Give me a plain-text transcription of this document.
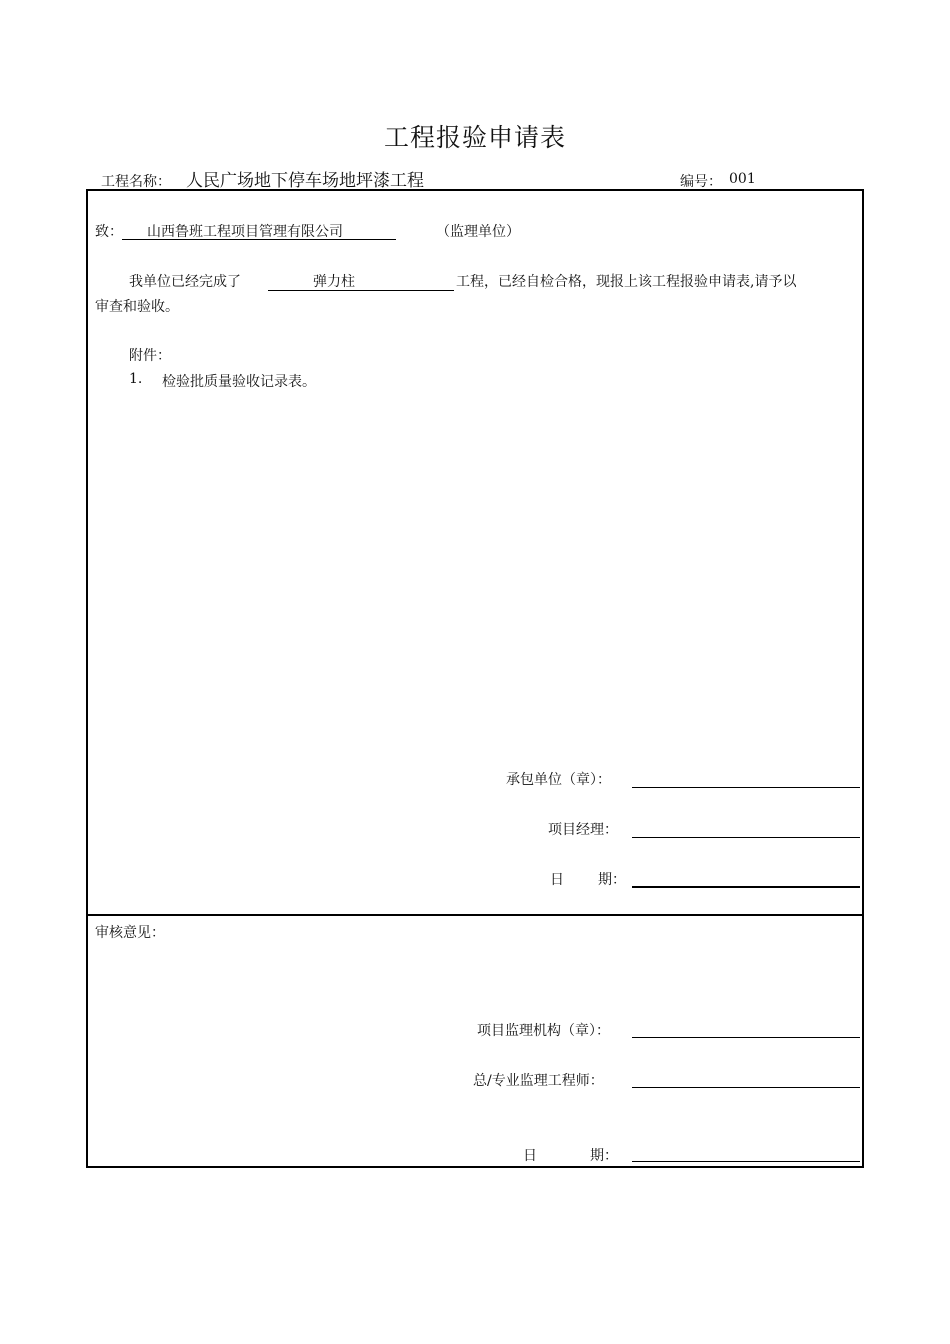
工程报验申请表
工程名称： 人民广场地下停车场地坪漆工程	编号： 001
致： 山西鲁班工程项目管理有限公司	（监理单位）
我单位已经完成了	弹力柱	工程，已经自检合格，现报上该工程报验申请表,请予以
审查和验收。
附件：
1. 检验批质量验收记录表。
承包单位（章）：
项目经理：
日 期：
审核意见：
项目监理机构（章）：
总/专业监理工程师：
日	期：
